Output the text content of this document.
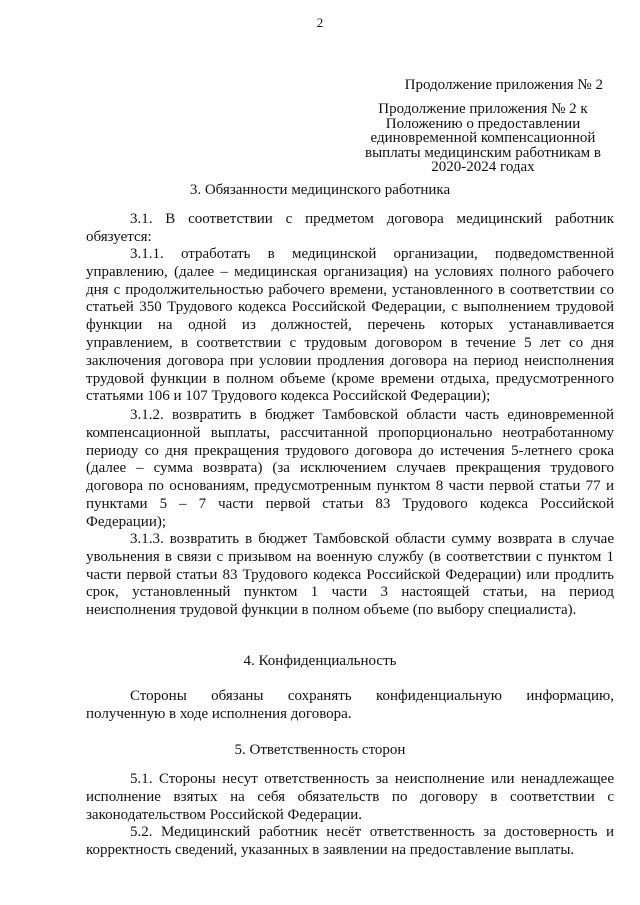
2
Продолжение приложения № 2
Продолжение приложения № 2 к Положению о предоставлении единовременной компенсационной выплаты медицинским работникам в 2020-2024 годах
3. Обязанности медицинского работника

3.1. В соответствии с предметом договора медицинский работник обязуется:

3.1.1. отработать в медицинской организации, подведомственной управлению, (далее – медицинская организация) на условиях полного рабочего дня с продолжительностью рабочего времени, установленного в соответствии со статьей 350 Трудового кодекса Российской Федерации, с выполнением трудовой функции на одной из должностей, перечень которых устанавливается управлением, в соответствии с трудовым договором в течение 5 лет со дня заключения договора при условии продления договора на период неисполнения трудовой функции в полном объеме (кроме времени отдыха, предусмотренного статьями 106 и 107 Трудового кодекса Российской Федерации);

3.1.2. возвратить в бюджет Тамбовской области часть единовременной компенсационной выплаты, рассчитанной пропорционально неотработанному периоду со дня прекращения трудового договора до истечения 5-летнего срока (далее – сумма возврата) (за исключением случаев прекращения трудового договора по основаниям, предусмотренным пунктом 8 части первой статьи 77 и пунктами 5 – 7 части первой статьи 83 Трудового кодекса Российской Федерации);

3.1.3. возвратить в бюджет Тамбовской области сумму возврата в случае увольнения в связи с призывом на военную службу (в соответствии с пунктом 1 части первой статьи 83 Трудового кодекса Российской Федерации) или продлить срок, установленный пунктом 1 части 3 настоящей статьи, на период неисполнения трудовой функции в полном объеме (по выбору специалиста).

4. Конфиденциальность

Стороны обязаны сохранять конфиденциальную информацию, полученную в ходе исполнения договора.

5. Ответственность сторон

5.1. Стороны несут ответственность за неисполнение или ненадлежащее исполнение взятых на себя обязательств по договору в соответствии с законодательством Российской Федерации.

5.2. Медицинский работник несёт ответственность за достоверность и корректность сведений, указанных в заявлении на предоставление выплаты.
